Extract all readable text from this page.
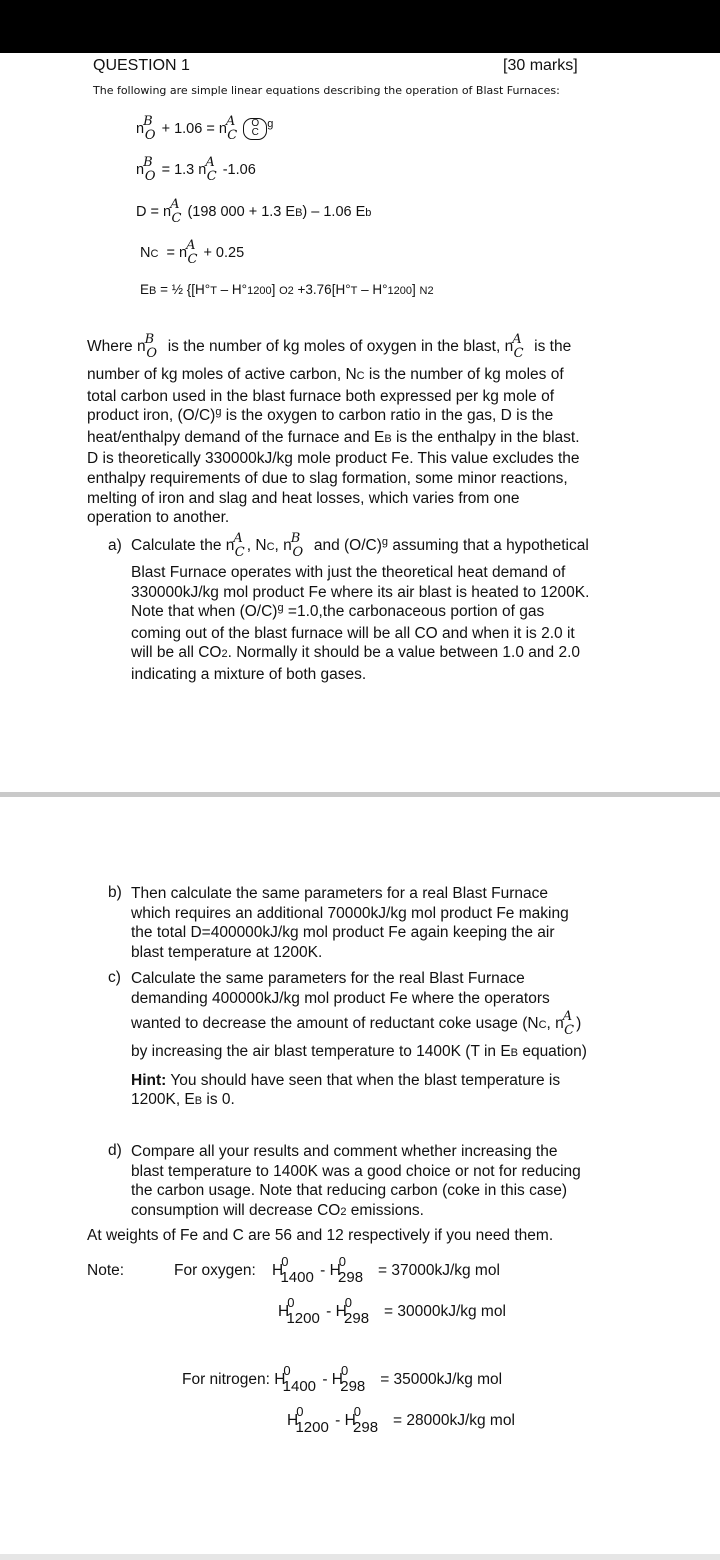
QUESTION 1	[30 marks]
The following are simple linear equations describing the operation of Blast Furnaces:
nBO + 1.06 = nAC O
$C^g$
nBO = 1.3 nAC -1.06
D = nAC (198 000 + 1.3 EB) – 1.06 Eb
NC = nAC + 0.25
EB = ½ {[H°T – H°1200] O2 +3.76[H°T – H°1200] N2
Where $n^B_O$ is the number of kg moles of oxygen in the blast, $n^A_C$ is the
number of kg moles of active carbon, NC is the number of kg moles of
total carbon used in the blast furnace both expressed per kg mole of
product iron, $(O/C)^g$ is the oxygen to carbon ratio in the gas, D is the
heat/enthalpy demand of the furnace and EB is the enthalpy in the blast.
D is theoretically 330000kJ/kg mole product Fe. This value excludes the
enthalpy requirements of due to slag formation, some minor reactions,
melting of iron and slag and heat losses, which varies from one
operation to another.
a) Calculate the $n^A_C$ , NC, $n^B_O$ and $(O/C)^g$ assuming that a hypothetical
Blast Furnace operates with just the theoretical heat demand of
330000kJ/kg mol product Fe where its air blast is heated to 1200K.
Note that when $(O/C)^g =1.0,the$ carbonaceous portion of gas
coming out of the blast furnace will be all CO and when it is 2.0 it
will be all CO2. Normally it should be a value between 1.0 and 2.0
indicating a mixture of both gases.
b) Then calculate the same parameters for a real Blast Furnace
which requires an additional 70000kJ/kg mol product Fe making
the total D=400000kJ/kg mol product Fe again keeping the air
blast temperature at 1200K.
c) Calculate the same parameters for the real Blast Furnace
demanding 400000kJ/kg mol product Fe where the operators
wanted to decrease the amount of reductant coke usage (NC, $n^A_C$ )
by increasing the air blast temperature to 1400K (T in EB equation)
Hint: You should have seen that when the blast temperature is
1200K, EB is 0.
d) Compare all your results and comment whether increasing the
blast temperature to 1400K was a good choice or not for reducing
the carbon usage. Note that reducing carbon (coke in this case)
consumption will decrease CO2 emissions.
At weights of Fe and C are 56 and 12 respectively if you need them.
Note:	For oxygen: $H^01400 - H^0298 = 37000kJ/kg$ mol
$H^01200 - H^0298 = 30000kJ/kg$ mol
For nitrogen: $H^01400 - H^0298 = 35000kJ/kg$ mol
$H^01200 - H^0298 = 28000kJ/kg$ mol
